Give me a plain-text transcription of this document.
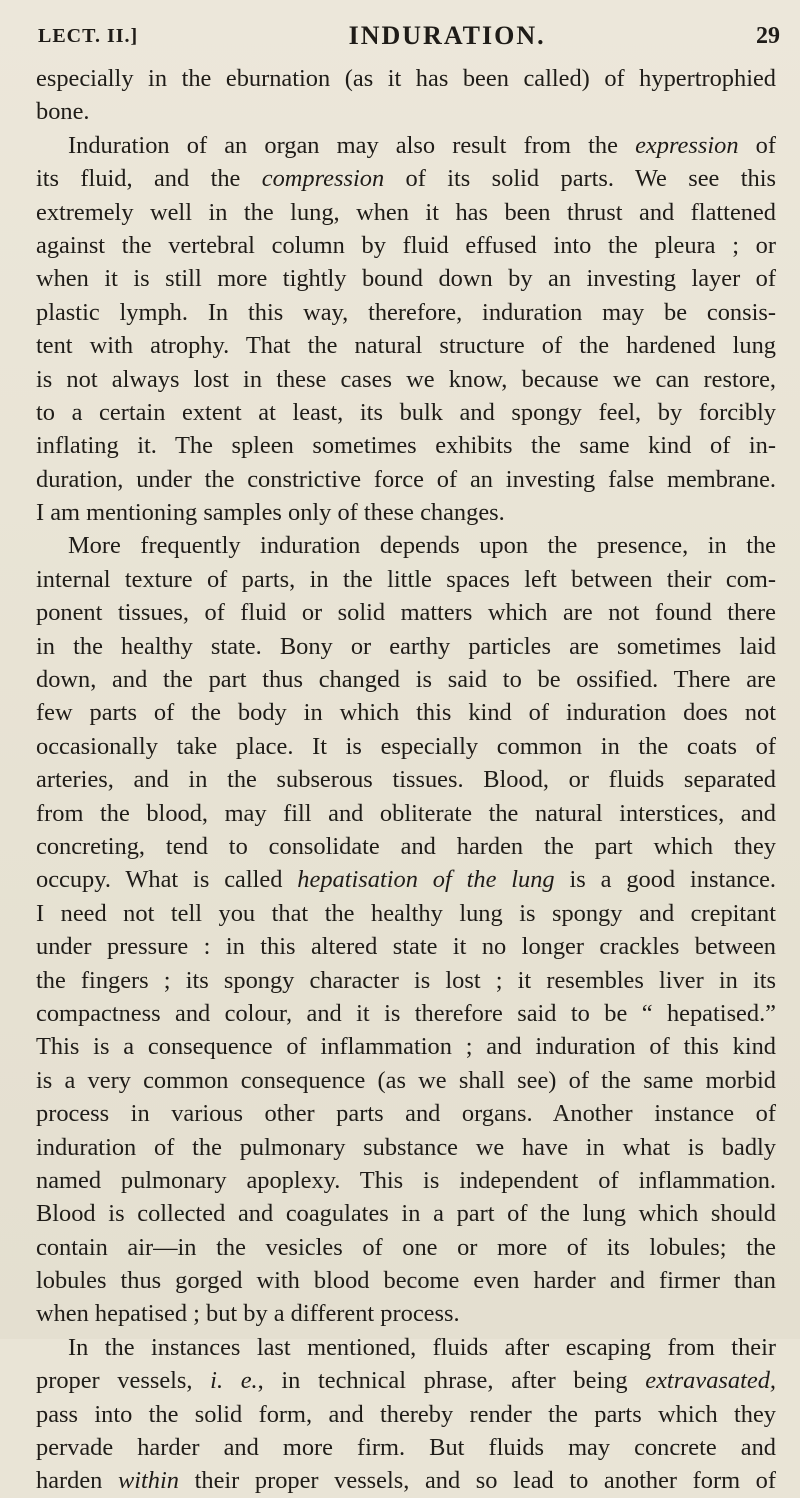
LECT. II.]	INDURATION.	29
especially in the eburnation (as it has been called) of hypertrophied
bone.
Induration of an organ may also result from the expression of
its fluid, and the compression of its solid parts. We see this
extremely well in the lung, when it has been thrust and flattened
against the vertebral column by fluid effused into the pleura ; or
when it is still more tightly bound down by an investing layer of
plastic lymph. In this way, therefore, induration may be consis-
tent with atrophy. That the natural structure of the hardened lung
is not always lost in these cases we know, because we can restore,
to a certain extent at least, its bulk and spongy feel, by forcibly
inflating it. The spleen sometimes exhibits the same kind of in-
duration, under the constrictive force of an investing false membrane.
I am mentioning samples only of these changes.
More frequently induration depends upon the presence, in the
internal texture of parts, in the little spaces left between their com-
ponent tissues, of fluid or solid matters which are not found there
in the healthy state. Bony or earthy particles are sometimes laid
down, and the part thus changed is said to be ossified. There are
few parts of the body in which this kind of induration does not
occasionally take place. It is especially common in the coats of
arteries, and in the subserous tissues. Blood, or fluids separated
from the blood, may fill and obliterate the natural interstices, and
concreting, tend to consolidate and harden the part which they
occupy. What is called hepatisation of the lung is a good instance.
I need not tell you that the healthy lung is spongy and crepitant
under pressure : in this altered state it no longer crackles between
the fingers ; its spongy character is lost ; it resembles liver in its
compactness and colour, and it is therefore said to be “ hepatised.”
This is a consequence of inflammation ; and induration of this kind
is a very common consequence (as we shall see) of the same morbid
process in various other parts and organs. Another instance of
induration of the pulmonary substance we have in what is badly
named pulmonary apoplexy. This is independent of inflammation.
Blood is collected and coagulates in a part of the lung which should
contain air—in the vesicles of one or more of its lobules; the
lobules thus gorged with blood become even harder and firmer than
when hepatised ; but by a different process.
In the instances last mentioned, fluids after escaping from their
proper vessels, i. e., in technical phrase, after being extravasated,
pass into the solid form, and thereby render the parts which they
pervade harder and more firm. But fluids may concrete and
harden within their proper vessels, and so lead to another form of
